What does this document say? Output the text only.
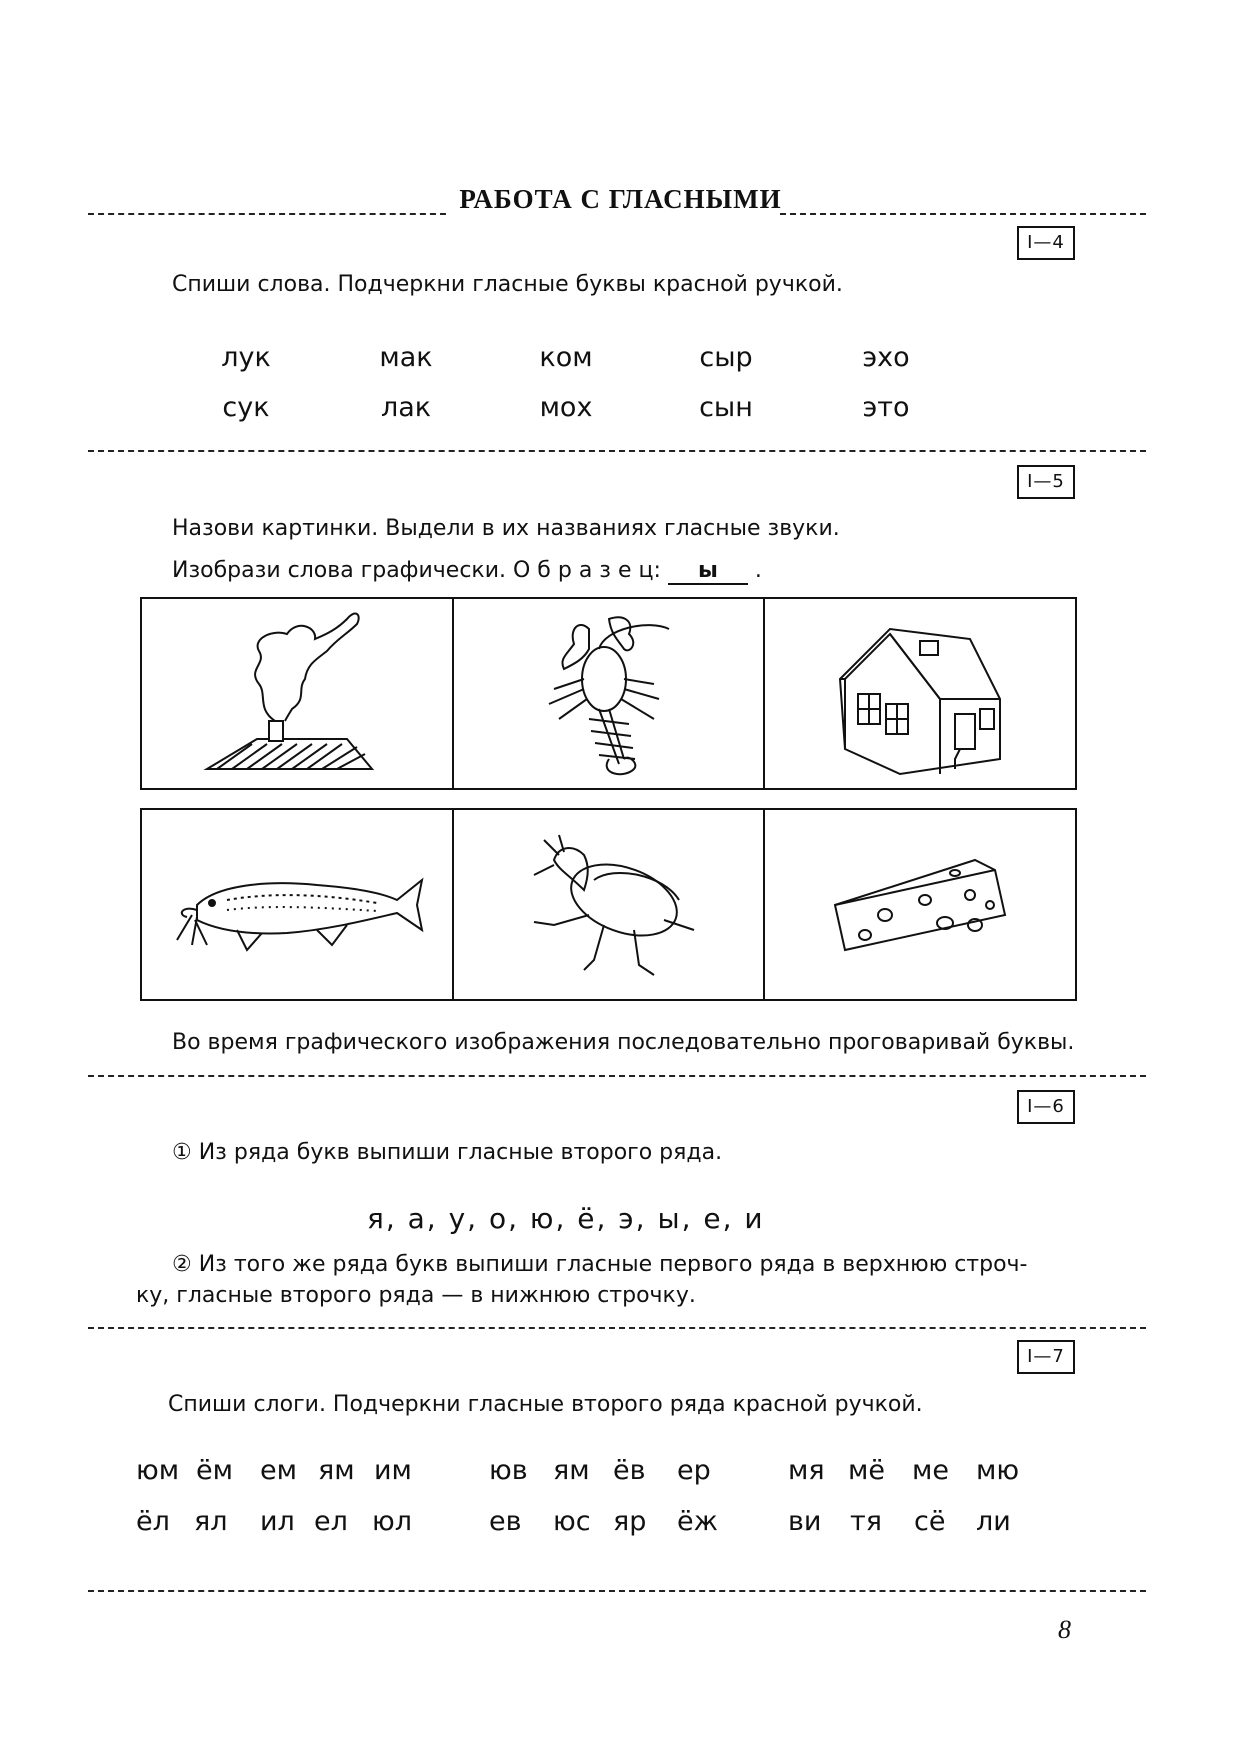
РАБОТА С ГЛАСНЫМИ
I—4
Спиши слова. Подчеркни гласные буквы красной ручкой.
лук	мак	ком	сыр	эхо
сук	лак	мох	сын	это
I—5
Назови картинки. Выдели в их названиях гласные звуки.
Изобрази слова графически. О б р а з е ц: ы .
Во время графического изображения последовательно проговаривай буквы.
I—6
① Из ряда букв выпиши гласные второго ряда.
я, а, у, о, ю, ё, э, ы, е, и
② Из того же ряда букв выпиши гласные первого ряда в верхнюю строч-
ку, гласные второго ряда — в нижнюю строчку.
I—7
Спиши слоги. Подчеркни гласные второго ряда красной ручкой.
юм ём ем ям им	юв ям ёв ер	мя мё ме мю
ёл ял ил ел юл	ев юс яр ёж	ви тя сё ли
8
